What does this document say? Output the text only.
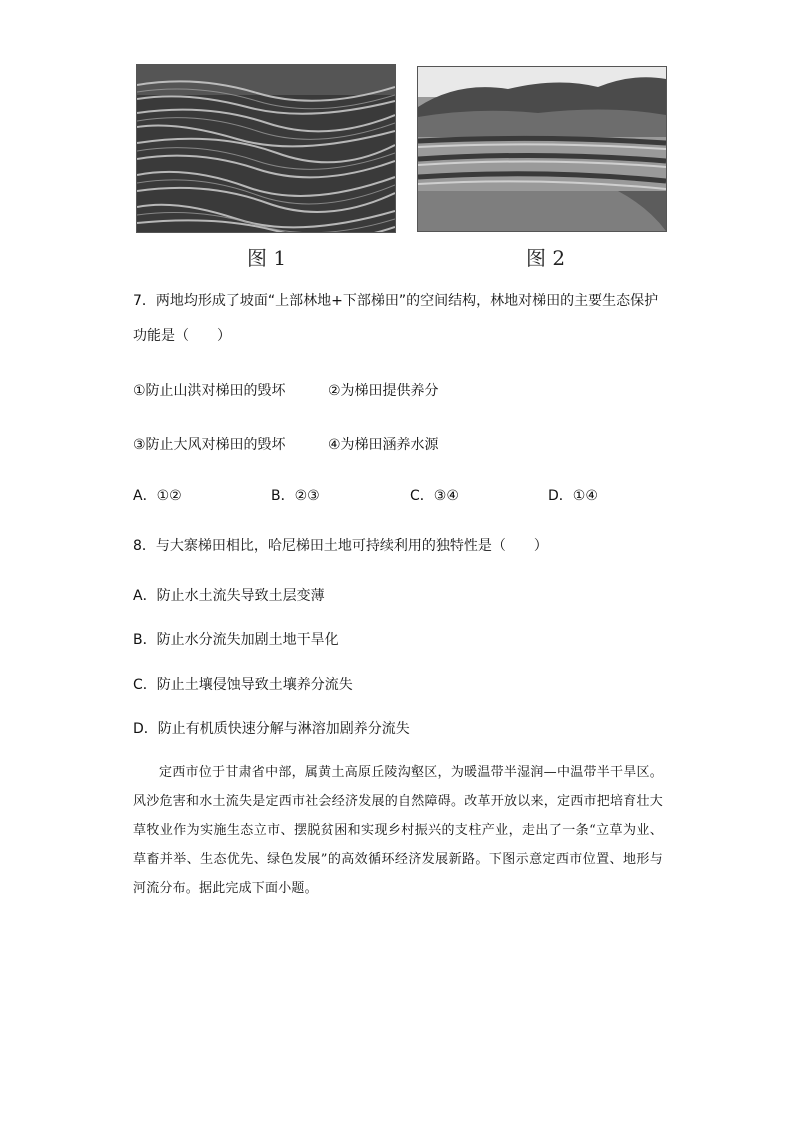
图 1	图 2
7．两地均形成了坡面“上部林地+下部梯田”的空间结构，林地对梯田的主要生态保护
功能是（　　）
①防止山洪对梯田的毁坏	②为梯田提供养分
③防止大风对梯田的毁坏	④为梯田涵养水源
A．①②	B．②③	C．③④	D．①④
8．与大寨梯田相比，哈尼梯田土地可持续利用的独特性是（　　）
A．防止水土流失导致土层变薄
B．防止水分流失加剧土地干旱化
C．防止土壤侵蚀导致土壤养分流失
D．防止有机质快速分解与淋溶加剧养分流失
定西市位于甘肃省中部，属黄土高原丘陵沟壑区，为暖温带半湿润—中温带半干旱区。风沙危害和水土流失是定西市社会经济发展的自然障碍。改革开放以来，定西市把培育壮大草牧业作为实施生态立市、摆脱贫困和实现乡村振兴的支柱产业，走出了一条“立草为业、草畜并举、生态优先、绿色发展”的高效循环经济发展新路。下图示意定西市位置、地形与河流分布。据此完成下面小题。
